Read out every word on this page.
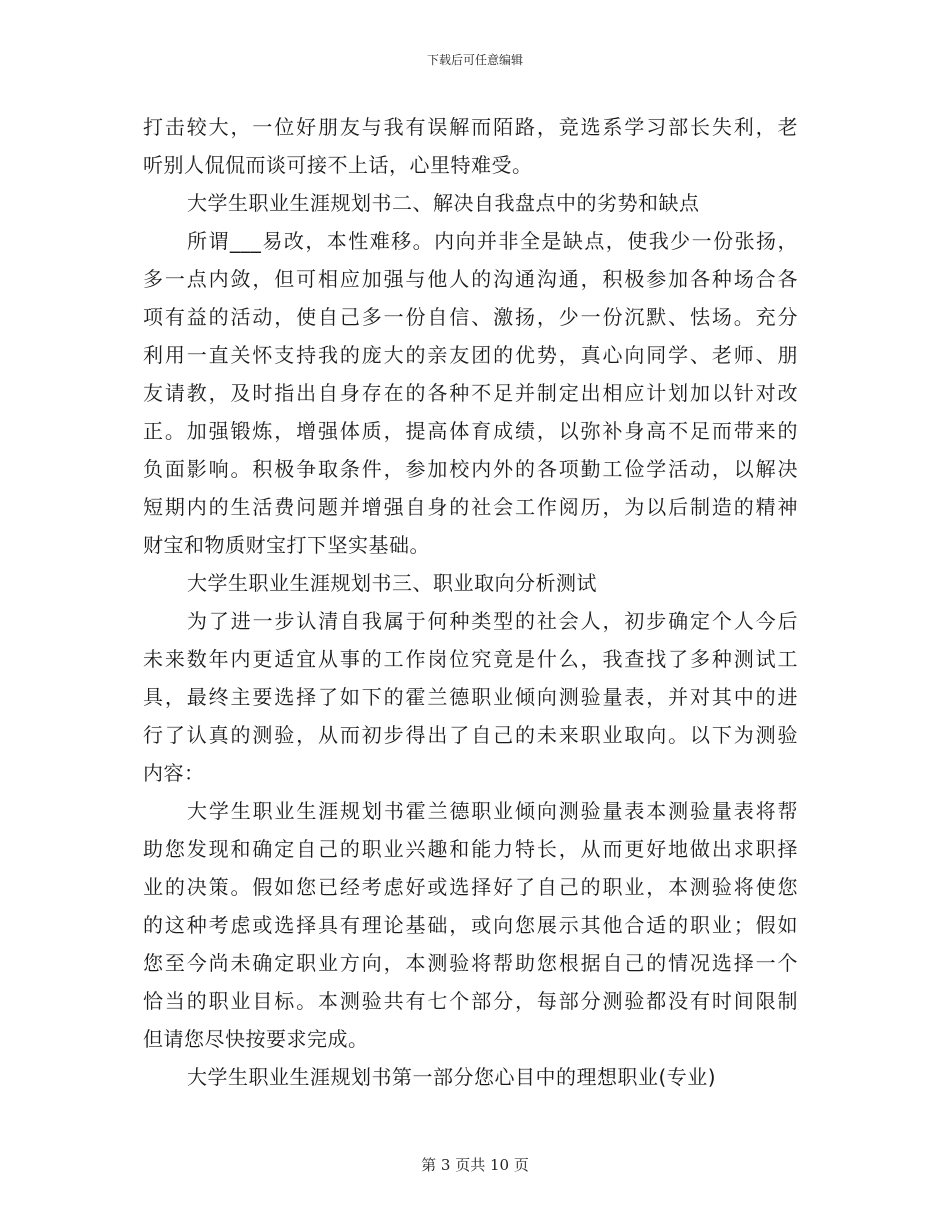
下载后可任意编辑
打击较大，一位好朋友与我有误解而陌路，竞选系学习部长失利，老
听别人侃侃而谈可接不上话，心里特难受。
大学生职业生涯规划书二、解决自我盘点中的劣势和缺点
所谓___易改，本性难移。内向并非全是缺点，使我少一份张扬，
多一点内敛，但可相应加强与他人的沟通沟通，积极参加各种场合各
项有益的活动，使自己多一份自信、激扬，少一份沉默、怯场。充分
利用一直关怀支持我的庞大的亲友团的优势，真心向同学、老师、朋
友请教，及时指出自身存在的各种不足并制定出相应计划加以针对改
正。加强锻炼，增强体质，提高体育成绩，以弥补身高不足而带来的
负面影响。积极争取条件，参加校内外的各项勤工俭学活动，以解决
短期内的生活费问题并增强自身的社会工作阅历，为以后制造的精神
财宝和物质财宝打下坚实基础。
大学生职业生涯规划书三、职业取向分析测试
为了进一步认清自我属于何种类型的社会人，初步确定个人今后
未来数年内更适宜从事的工作岗位究竟是什么，我查找了多种测试工
具，最终主要选择了如下的霍兰德职业倾向测验量表，并对其中的进
行了认真的测验，从而初步得出了自己的未来职业取向。以下为测验
内容：
大学生职业生涯规划书霍兰德职业倾向测验量表本测验量表将帮
助您发现和确定自己的职业兴趣和能力特长，从而更好地做出求职择
业的决策。假如您已经考虑好或选择好了自己的职业，本测验将使您
的这种考虑或选择具有理论基础，或向您展示其他合适的职业；假如
您至今尚未确定职业方向，本测验将帮助您根据自己的情况选择一个
恰当的职业目标。本测验共有七个部分，每部分测验都没有时间限制
但请您尽快按要求完成。
大学生职业生涯规划书第一部分您心目中的理想职业(专业)
第 3 页共 10 页
